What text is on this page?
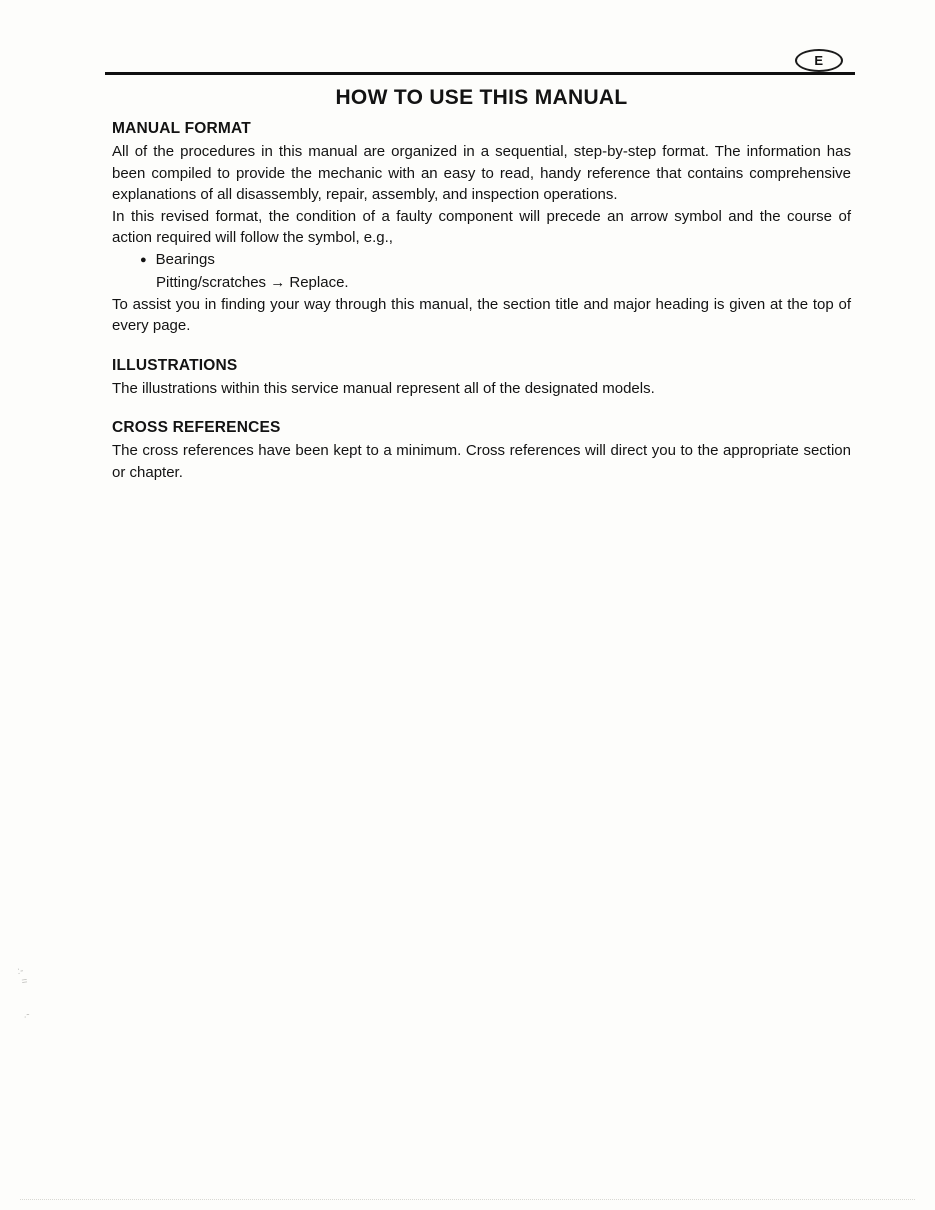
E
HOW TO USE THIS MANUAL
MANUAL FORMAT

All of the procedures in this manual are organized in a sequential, step-by-step format. The information has been compiled to provide the mechanic with an easy to read, handy reference that contains comprehensive explanations of all disassembly, repair, assembly, and inspection operations.

In this revised format, the condition of a faulty component will precede an arrow symbol and the course of action required will follow the symbol, e.g.,

● Bearings
Pitting/scratches → Replace.

To assist you in finding your way through this manual, the section title and major heading is given at the top of every page.

ILLUSTRATIONS

The illustrations within this service manual represent all of the designated models.

CROSS REFERENCES

The cross references have been kept to a minimum. Cross references will direct you to the appropriate section or chapter.

:-
=

.-
